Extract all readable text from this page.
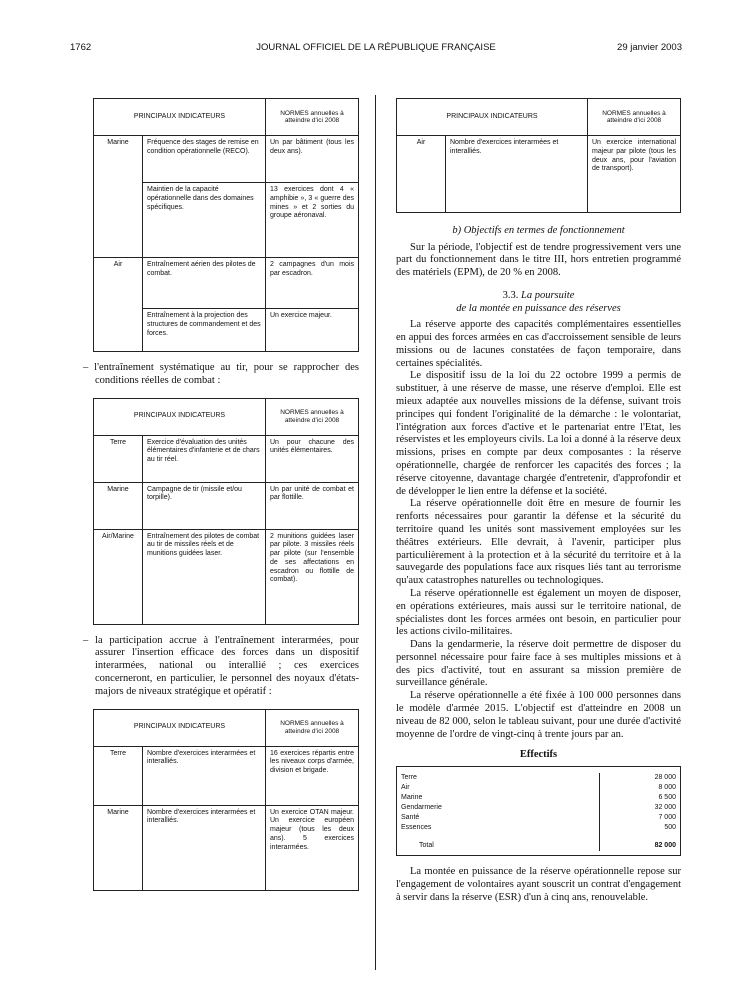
1762	JOURNAL OFFICIEL DE LA RÉPUBLIQUE FRANÇAISE	29 janvier 2003
PRINCIPAUX INDICATEURS		NORMES annuelles à atteindre d'ici 2008
Marine	Fréquence des stages de remise en condition opérationnelle (RECO).	Un par bâtiment (tous les deux ans).
	Maintien de la capacité opérationnelle dans des domaines spécifiques.	13 exercices dont 4 « amphibie », 3 « guerre des mines » et 2 sorties du groupe aéronaval.
Air	Entraînement aérien des pilotes de combat.	2 campagnes d'un mois par escadron.
	Entraînement à la projection des structures de commandement et des forces.	Un exercice majeur.
– l'entraînement systématique au tir, pour se rapprocher des conditions réelles de combat :
PRINCIPAUX INDICATEURS		NORMES annuelles à atteindre d'ici 2008
Terre	Exercice d'évaluation des unités élémentaires d'infanterie et de chars au tir réel.	Un pour chacune des unités élémentaires.
Marine	Campagne de tir (missile et/ou torpille).	Un par unité de combat et par flottille.
Air/Marine	Entraînement des pilotes de combat au tir de missiles réels et de munitions guidées laser.	2 munitions guidées laser par pilote. 3 missiles réels par pilote (sur l'ensemble de ses affectations en escadron ou flottille de combat).
– la participation accrue à l'entraînement interarmées, pour assurer l'insertion efficace des forces dans un dispositif interarmées, national ou interallié ; ces exercices concerneront, en particulier, le personnel des noyaux d'états-majors de niveaux stratégique et opératif :
PRINCIPAUX INDICATEURS		NORMES annuelles à atteindre d'ici 2008
Terre	Nombre d'exercices interarmées et interalliés.	16 exercices répartis entre les niveaux corps d'armée, division et brigade.
Marine	Nombre d'exercices interarmées et interalliés.	Un exercice OTAN majeur. Un exercice européen majeur (tous les deux ans). 5 exercices interarmées.
PRINCIPAUX INDICATEURS		NORMES annuelles à atteindre d'ici 2008
Air	Nombre d'exercices interarmées et interalliés.	Un exercice international majeur par pilote (tous les deux ans, pour l'aviation de transport).
b) Objectifs en termes de fonctionnement

Sur la période, l'objectif est de tendre progressivement vers une part du fonctionnement dans le titre III, hors entretien programmé des matériels (EPM), de 20 % en 2008.

3.3. La poursuite
de la montée en puissance des réserves

La réserve apporte des capacités complémentaires essentielles en appui des forces armées en cas d'accroissement sensible de leurs missions ou de lacunes constatées de façon temporaire, dans certaines spécialités.

Le dispositif issu de la loi du 22 octobre 1999 a permis de substituer, à une réserve de masse, une réserve d'emploi. Elle est mieux adaptée aux nouvelles missions de la défense, suivant trois principes qui fondent l'originalité de la démarche : le volontariat, l'intégration aux forces d'active et le partenariat entre l'Etat, les réservistes et les employeurs civils. La loi a donné à la réserve deux missions, prises en compte par deux composantes : la réserve opérationnelle, chargée de renforcer les capacités des forces ; la réserve citoyenne, davantage chargée d'entretenir, d'approfondir et de développer le lien entre la défense et la société.

La réserve opérationnelle doit être en mesure de fournir les renforts nécessaires pour garantir la défense et la sécurité du territoire quand les unités sont massivement employées sur les théâtres extérieurs. Elle devrait, à l'avenir, participer plus particulièrement à la protection et à la sécurité du territoire et à la sauvegarde des populations face aux risques liés tant au terrorisme qu'aux catastrophes naturelles ou technologiques.

La réserve opérationnelle est également un moyen de disposer, en opérations extérieures, mais aussi sur le territoire national, de spécialistes dont les forces armées ont besoin, en particulier pour les actions civilo-militaires.

Dans la gendarmerie, la réserve doit permettre de disposer du personnel nécessaire pour faire face à ses multiples missions et à des pics d'activité, tout en assurant sa mission première de surveillance générale.

La réserve opérationnelle a été fixée à 100 000 personnes dans le modèle d'armée 2015. L'objectif est d'atteindre en 2008 un niveau de 82 000, selon le tableau suivant, pour une durée d'activité moyenne de l'ordre de vingt-cinq à trente jours par an.

Effectifs
Terre	28 000
Air	8 000
Marine	6 500
Gendarmerie	32 000
Santé	7 000
Essences	500
Total	82 000

La montée en puissance de la réserve opérationnelle repose sur l'engagement de volontaires ayant souscrit un contrat d'engagement à servir dans la réserve (ESR) d'un à cinq ans, renouvelable.
